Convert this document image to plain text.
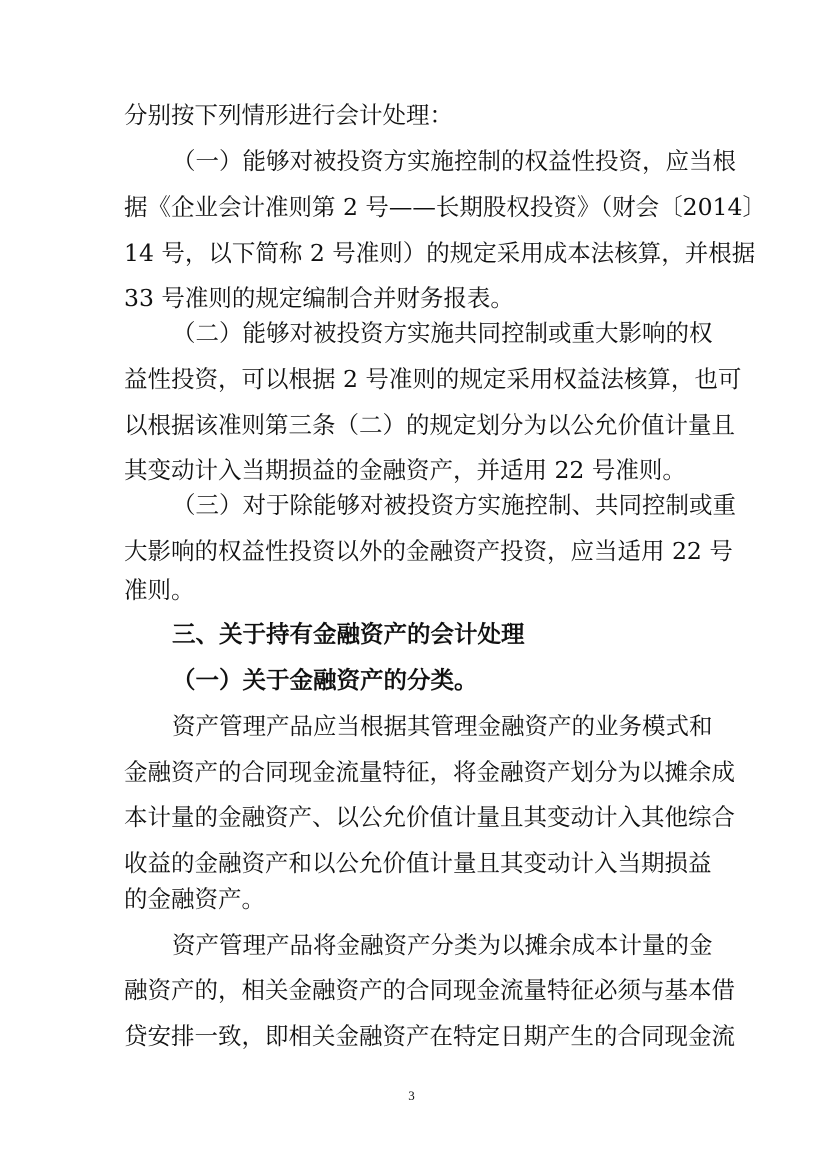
分别按下列情形进行会计处理：
（一）能够对被投资方实施控制的权益性投资，应当根
据《企业会计准则第 2 号——长期股权投资》（财会〔2014〕
14 号，以下简称 2 号准则）的规定采用成本法核算，并根据
33 号准则的规定编制合并财务报表。
（二）能够对被投资方实施共同控制或重大影响的权
益性投资，可以根据 2 号准则的规定采用权益法核算，也可
以根据该准则第三条（二）的规定划分为以公允价值计量且
其变动计入当期损益的金融资产，并适用 22 号准则。
（三）对于除能够对被投资方实施控制、共同控制或重
大影响的权益性投资以外的金融资产投资，应当适用 22 号
准则。
三、关于持有金融资产的会计处理
（一）关于金融资产的分类。
资产管理产品应当根据其管理金融资产的业务模式和
金融资产的合同现金流量特征，将金融资产划分为以摊余成
本计量的金融资产、以公允价值计量且其变动计入其他综合
收益的金融资产和以公允价值计量且其变动计入当期损益
的金融资产。
资产管理产品将金融资产分类为以摊余成本计量的金
融资产的，相关金融资产的合同现金流量特征必须与基本借
贷安排一致，即相关金融资产在特定日期产生的合同现金流
3
